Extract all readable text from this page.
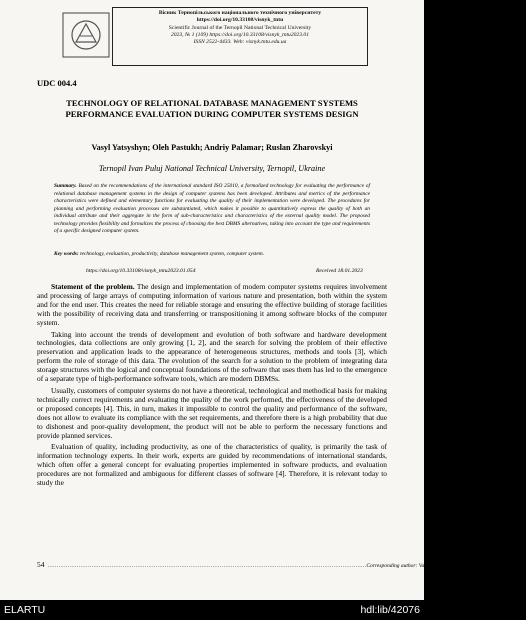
Вісник Тернопільського національного технічного університету
https://doi.org/10.33108/visnyk_tntu
Scientific Journal of the Ternopil National Technical University
2023, № 1 (109) https://doi.org/10.33108/visnyk_tntu2023.01
ISSN 2522-4433. Web: visnyk.tntu.edu.ua
UDC 004.4
TECHNOLOGY OF RELATIONAL DATABASE MANAGEMENT SYSTEMS PERFORMANCE EVALUATION DURING COMPUTER SYSTEMS DESIGN
Vasyl Yatsyshyn; Oleh Pastukh; Andriy Palamar; Ruslan Zharovskyi
Ternopil Ivan Puluj National Technical University, Ternopil, Ukraine
Summary. Based on the recommendations of the international standard ISO 25010, a formalized technology for evaluating the performance of relational database management systems in the design of computer systems has been developed. Attributes and metrics of the performance characteristics were defined and elementary functions for evaluating the quality of their implementation were developed. The procedures for planning and performing evaluation processes are substantiated, which makes it possible to quantitatively express the quality of both an individual attribute and their aggregate in the form of sub-characteristics and characteristics of the external quality model. The proposed technology provides flexibility and formalizes the process of choosing the best DBMS alternatives, taking into account the type and requirements of a specific designed computer system.
Key words: technology, evaluation, productivity, database management system, computer system.
https://doi.org/10.33108/visnyk_tntu2023.01.054	Received 18.01.2023

Statement of the problem. The design and implementation of modern computer systems requires involvement and processing of large arrays of computing information of various nature and presentation, both within the system and for the end user. This creates the need for reliable storage and ensuring the effective building of storage facilities with the possibility of receiving data and transferring or transpositioning it among software blocks of the computer system.

Taking into account the trends of development and evolution of both software and hardware development technologies, data collections are only growing [1, 2], and the search for solving the problem of their effective preservation and application leads to the appearance of heterogeneous structures, methods and tools [3], which perform the role of storage of this data. The evolution of the search for a solution to the problem of integrating data storage structures with the logical and conceptual foundations of the software that uses them has led to the emergence of a separate type of high-performance software tools, which are modern DBMSs.

Usually, customers of computer systems do not have a theoretical, technological and methodical basis for making technically correct requirements and evaluating the quality of the work performed, the effectiveness of the developed or proposed concepts [4]. This, in turn, makes it impossible to control the quality and performance of the software, does not allow to evaluate its compliance with the set requirements, and therefore there is a high probability that due to dishonest and poor-quality development, the product will not be able to perform the necessary functions and provide planned services.

Evaluation of quality, including productivity, as one of the characteristics of quality, is primarily the task of information technology experts. In their work, experts are guided by recommendations of international standards, which often offer a general concept for evaluating properties implemented in software products, and evaluation procedures are not formalized and ambiguous for different classes of software [4]. Therefore, it is relevant today to study the

54 ………………………………………………………………………………………………………………………………………………………… Corresponding author: Vasyl Yatsyshyn; e-mail: vyatcyshyn@gmail.com
ELARTU	hdl:lib/42076
